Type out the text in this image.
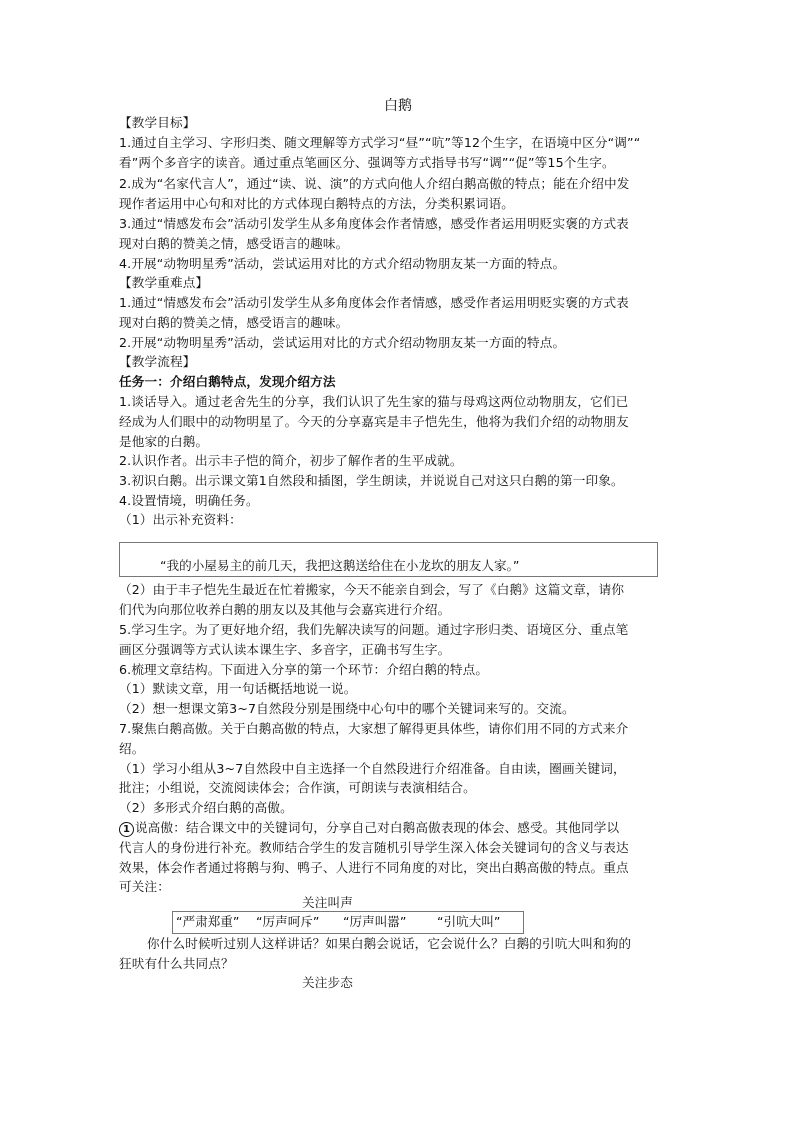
白鹅
【教学目标】
1.通过自主学习、字形归类、随文理解等方式学习“昼”“吭”等12个生字，在语境中区分“调”“
看”两个多音字的读音。通过重点笔画区分、强调等方式指导书写“调”“促”等15个生字。
2.成为“名家代言人”，通过“读、说、演”的方式向他人介绍白鹅高傲的特点；能在介绍中发
现作者运用中心句和对比的方式体现白鹅特点的方法，分类积累词语。
3.通过“情感发布会”活动引发学生从多角度体会作者情感，感受作者运用明贬实褒的方式表
现对白鹅的赞美之情，感受语言的趣味。
4.开展“动物明星秀”活动，尝试运用对比的方式介绍动物朋友某一方面的特点。
【教学重难点】
1.通过“情感发布会”活动引发学生从多角度体会作者情感，感受作者运用明贬实褒的方式表
现对白鹅的赞美之情，感受语言的趣味。
2.开展“动物明星秀”活动，尝试运用对比的方式介绍动物朋友某一方面的特点。
【教学流程】
任务一：介绍白鹅特点，发现介绍方法
1.谈话导入。通过老舍先生的分享，我们认识了先生家的猫与母鸡这两位动物朋友，它们已
经成为人们眼中的动物明星了。今天的分享嘉宾是丰子恺先生，他将为我们介绍的动物朋友
是他家的白鹅。
2.认识作者。出示丰子恺的简介，初步了解作者的生平成就。
3.初识白鹅。出示课文第1自然段和插图，学生朗读，并说说自己对这只白鹅的第一印象。
4.设置情境，明确任务。
（1）出示补充资料：
“我的小屋易主的前几天，我把这鹅送给住在小龙坎的朋友人家。”
（2）由于丰子恺先生最近在忙着搬家，今天不能亲自到会，写了《白鹅》这篇文章，请你
们代为向那位收养白鹅的朋友以及其他与会嘉宾进行介绍。
5.学习生字。为了更好地介绍，我们先解决读写的问题。通过字形归类、语境区分、重点笔
画区分强调等方式认读本课生字、多音字，正确书写生字。
6.梳理文章结构。下面进入分享的第一个环节：介绍白鹅的特点。
（1）默读文章，用一句话概括地说一说。
（2）想一想课文第3~7自然段分别是围绕中心句中的哪个关键词来写的。交流。
7.聚焦白鹅高傲。关于白鹅高傲的特点，大家想了解得更具体些，请你们用不同的方式来介
绍。
（1）学习小组从3~7自然段中自主选择一个自然段进行介绍准备。自由读，圈画关键词，
批注；小组说，交流阅读体会；合作演，可朗读与表演相结合。
（2）多形式介绍白鹅的高傲。
1 说高傲：结合课文中的关键词句，分享自己对白鹅高傲表现的体会、感受。其他同学以
代言人的身份进行补充。教师结合学生的发言随机引导学生深入体会关键词句的含义与表达
效果，体会作者通过将鹅与狗、鸭子、人进行不同角度的对比，突出白鹅高傲的特点。重点
可关注：
关注叫声
“严肃郑重” “厉声呵斥” “厉声叫嚣” “引吭大叫”
你什么时候听过别人这样讲话？如果白鹅会说话，它会说什么？白鹅的引吭大叫和狗的
狂吠有什么共同点？
关注步态
